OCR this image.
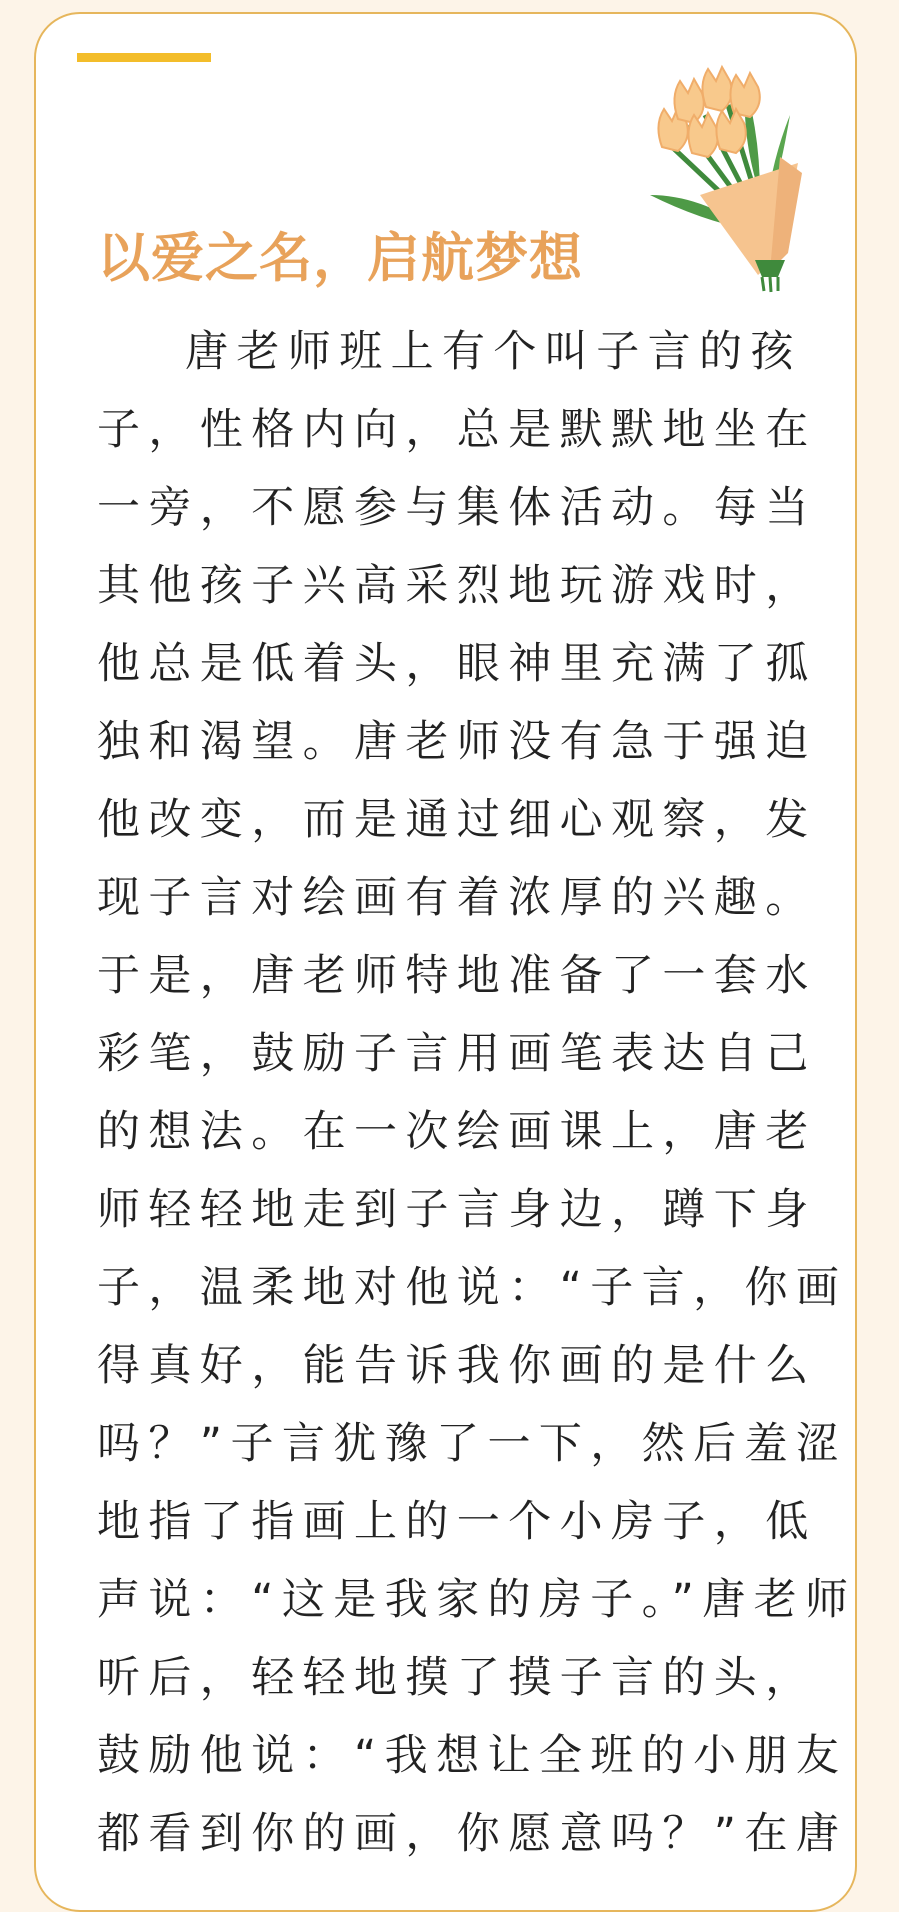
以爱之名，启航梦想
唐老师班上有个叫子言的孩
子，性格内向，总是默默地坐在
一旁，不愿参与集体活动。每当
其他孩子兴高采烈地玩游戏时，
他总是低着头，眼神里充满了孤
独和渴望。唐老师没有急于强迫
他改变，而是通过细心观察，发
现子言对绘画有着浓厚的兴趣。
于是，唐老师特地准备了一套水
彩笔，鼓励子言用画笔表达自己
的想法。在一次绘画课上，唐老
师轻轻地走到子言身边，蹲下身
子，温柔地对他说：“子言，你画
得真好，能告诉我你画的是什么
吗？”子言犹豫了一下，然后羞涩
地指了指画上的一个小房子，低
声说：“这是我家的房子。”唐老师
听后，轻轻地摸了摸子言的头，
鼓励他说：“我想让全班的小朋友
都看到你的画，你愿意吗？”在唐
